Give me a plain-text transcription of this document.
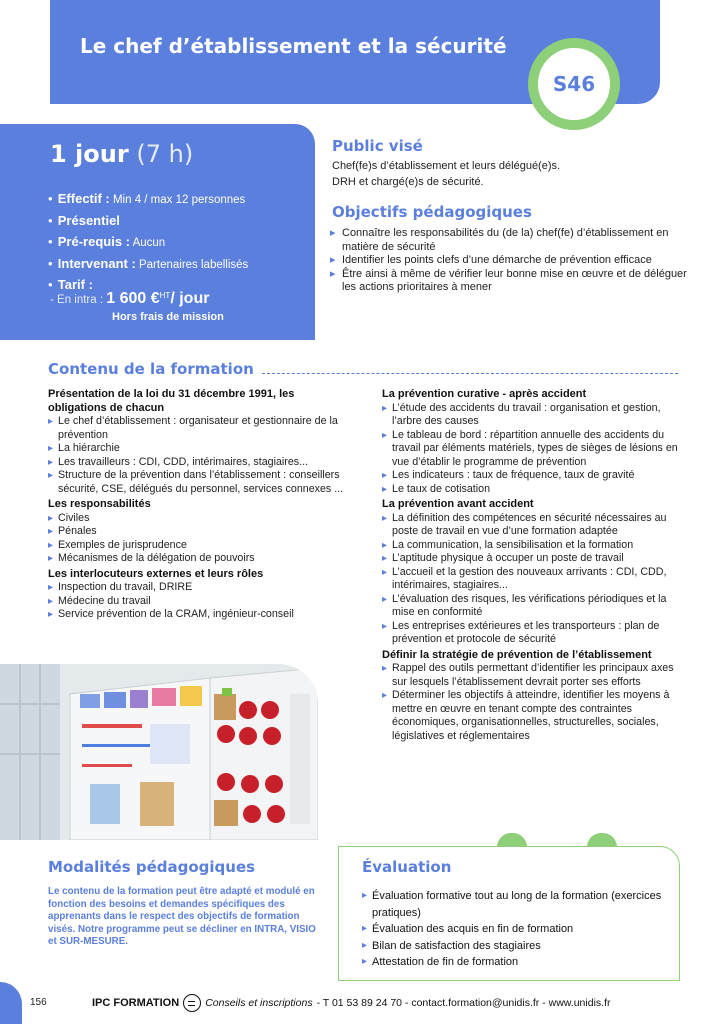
Le chef d’établissement et la sécurité
S46
1 jour (7 h)
• Effectif : Min 4 / max 12 personnes
• Présentiel
• Pré-requis : Aucun
• Intervenant : Partenaires labellisés
• Tarif :
- En intra : 1 600 €$^{HT}$/ jour
Hors frais de mission
Public visé
Chef(fe)s d’établissement et leurs délégué(e)s.
DRH et chargé(e)s de sécurité.
Objectifs pédagogiques
▸ Connaître les responsabilités du (de la) chef(fe) d’établissement en matière de sécurité
▸ Identifier les points clefs d’une démarche de prévention efficace
▸ Être ainsi à même de vérifier leur bonne mise en œuvre et de déléguer les actions prioritaires à mener
Contenu de la formation
Présentation de la loi du 31 décembre 1991, les obligations de chacun
▸ Le chef d’établissement : organisateur et gestionnaire de la prévention
▸ La hiérarchie
▸ Les travailleurs : CDI, CDD, intérimaires, stagiaires...
▸ Structure de la prévention dans l’établissement : conseillers sécurité, CSE, délégués du personnel, services connexes ...
Les responsabilités
▸ Civiles
▸ Pénales
▸ Exemples de jurisprudence
▸ Mécanismes de la délégation de pouvoirs
Les interlocuteurs externes et leurs rôles
▸ Inspection du travail, DRIRE
▸ Médecine du travail
▸ Service prévention de la CRAM, ingénieur-conseil
La prévention curative - après accident
▸ L’étude des accidents du travail : organisation et gestion, l’arbre des causes
▸ Le tableau de bord : répartition annuelle des accidents du travail par éléments matériels, types de sièges de lésions en vue d’établir le programme de prévention
▸ Les indicateurs : taux de fréquence, taux de gravité
▸ Le taux de cotisation
La prévention avant accident
▸ La définition des compétences en sécurité nécessaires au poste de travail en vue d’une formation adaptée
▸ La communication, la sensibilisation et la formation
▸ L’aptitude physique à occuper un poste de travail
▸ L’accueil et la gestion des nouveaux arrivants : CDI, CDD, intérimaires, stagiaires...
▸ L’évaluation des risques, les vérifications périodiques et la mise en conformité
▸ Les entreprises extérieures et les transporteurs : plan de prévention et protocole de sécurité
Définir la stratégie de prévention de l’établissement
▸ Rappel des outils permettant d’identifier les principaux axes sur lesquels l’établissement devrait porter ses efforts
▸ Déterminer les objectifs à atteindre, identifier les moyens à mettre en œuvre en tenant compte des contraintes économiques, organisationnelles, structurelles, sociales, législatives et réglementaires
Modalités pédagogiques
Le contenu de la formation peut être adapté et modulé en fonction des besoins et demandes spécifiques des apprenants dans le respect des objectifs de formation visés. Notre programme peut se décliner en INTRA, VISIO et SUR-MESURE.
Évaluation
▸ Évaluation formative tout au long de la formation (exercices pratiques)
▸ Évaluation des acquis en fin de formation
▸ Bilan de satisfaction des stagiaires
▸ Attestation de fin de formation
156	IPC FORMATION Conseils et inscriptions - T 01 53 89 24 70 - contact.formation@unidis.fr - www.unidis.fr
